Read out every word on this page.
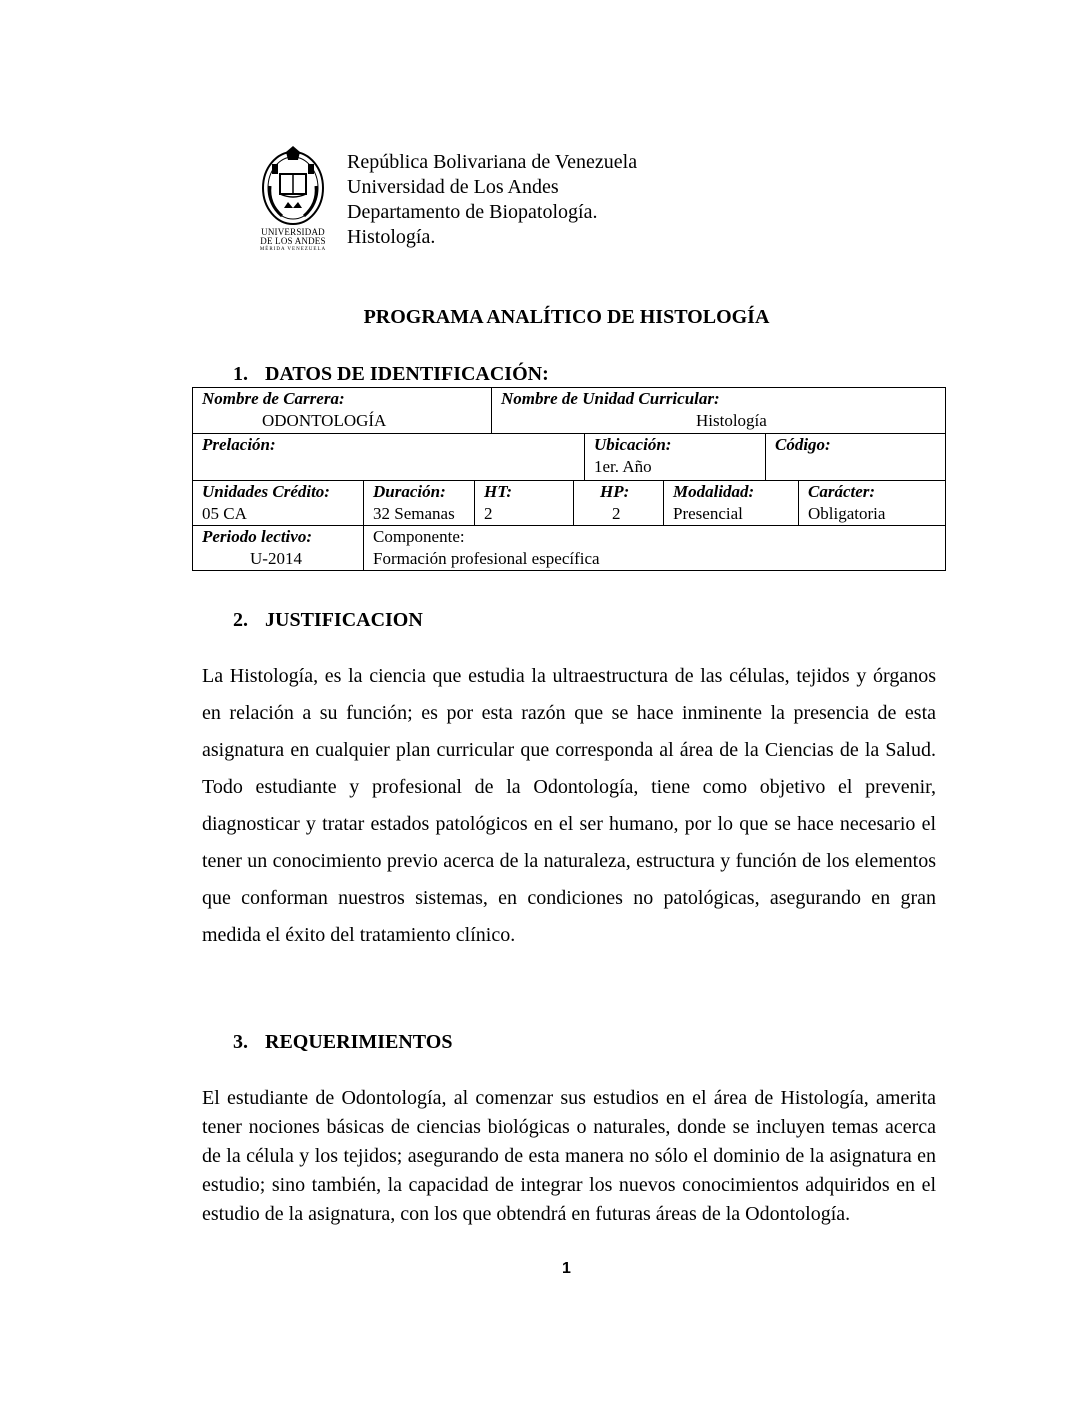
UNIVERSIDAD
DE LOS ANDES
MÉRIDA VENEZUELA
República Bolivariana de Venezuela
Universidad de Los Andes
Departamento de Biopatología.
Histología.
PROGRAMA ANALÍTICO DE HISTOLOGÍA
1. DATOS DE IDENTIFICACIÓN:
Nombre de Carrera:
ODONTOLOGÍA
Nombre de Unidad Curricular:
Histología
Prelación:	Ubicación:
1er. Año
Código:
Unidades Crédito:
05 CA
Duración:
32 Semanas
HT:
2
HP:
2
Modalidad:
Presencial
Carácter:
Obligatoria
Periodo lectivo:
U-2014
Componente:
Formación profesional específica
2. JUSTIFICACION
La Histología, es la ciencia que estudia la ultraestructura de las células, tejidos y órganos en relación a su función; es por esta razón que se hace inminente la presencia de esta asignatura en cualquier plan curricular que corresponda al área de la Ciencias de la Salud. Todo estudiante y profesional de la Odontología, tiene como objetivo el prevenir, diagnosticar y tratar estados patológicos en el ser humano, por lo que se hace necesario el tener un conocimiento previo acerca de la naturaleza, estructura y función de los elementos que conforman nuestros sistemas, en condiciones no patológicas, asegurando en gran medida el éxito del tratamiento clínico.
3. REQUERIMIENTOS
El estudiante de Odontología, al comenzar sus estudios en el área de Histología, amerita tener nociones básicas de ciencias biológicas o naturales, donde se incluyen temas acerca de la célula y los tejidos; asegurando de esta manera no sólo el dominio de la asignatura en estudio; sino también, la capacidad de integrar los nuevos conocimientos adquiridos en el estudio de la asignatura, con los que obtendrá en futuras áreas de la Odontología.
1
